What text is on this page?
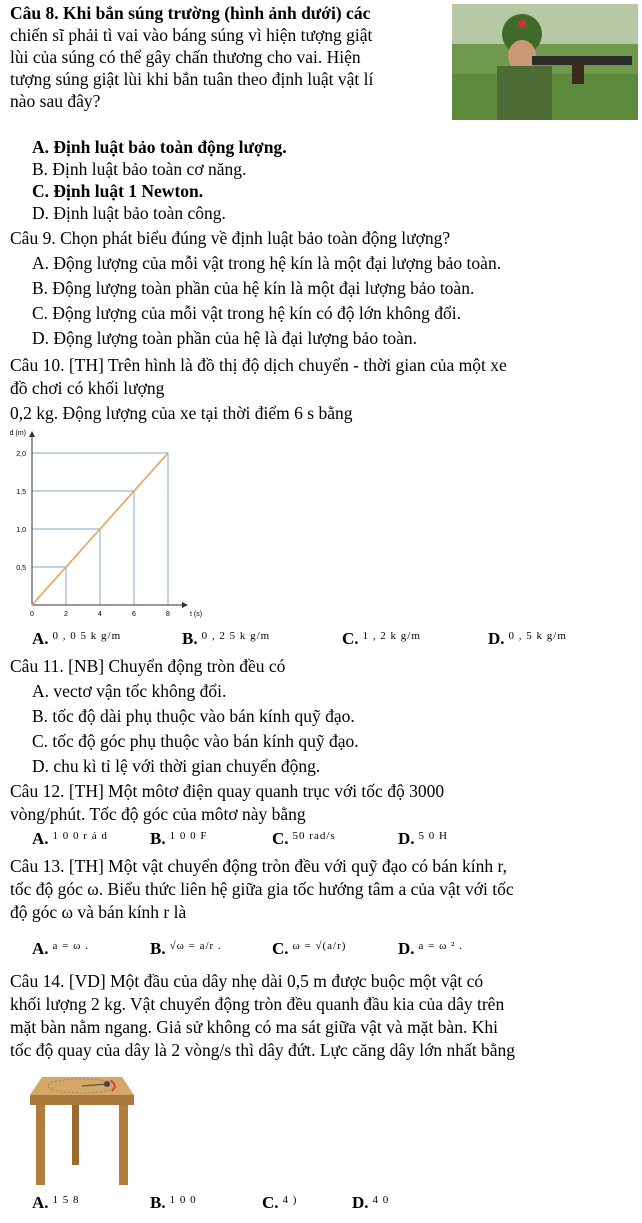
Câu 8. Khi bắn súng trường (hình ảnh dưới) các
chiến sĩ phải tì vai vào báng súng vì hiện tượng giật
lùi của súng có thể gây chấn thương cho vai. Hiện
tượng súng giật lùi khi bắn tuân theo định luật vật lí
nào sau đây?
A. Định luật bảo toàn động lượng.
B. Định luật bảo toàn cơ năng.
C. Định luật 1 Newton.
D. Định luật bảo toàn công.
Câu 9. Chọn phát biểu đúng về định luật bảo toàn động lượng?
A. Động lượng của mỗi vật trong hệ kín là một đại lượng bảo toàn.
B. Động lượng toàn phần của hệ kín là một đại lượng bảo toàn.
C. Động lượng của mỗi vật trong hệ kín có độ lớn không đổi.
D. Động lượng toàn phần của hệ là đại lượng bảo toàn.
Câu 10. [TH] Trên hình là đồ thị độ dịch chuyển - thời gian của một xe
đồ chơi có khối lượng
0,2 kg. Động lượng của xe tại thời điểm 6 s bằng
0,5
1,0
1,5
2,0
0	2	4	6	8
d (m)
t (s)
A. $^{0 , 0 5 k g/m}$	B. $^{0 , 2 5 k g/m}$	C. $^{1 , 2 k g/m}$	D. $^{0 , 5 k g/m}$
Câu 11. [NB] Chuyển động tròn đều có
A. vectơ vận tốc không đổi.
B. tốc độ dài phụ thuộc vào bán kính quỹ đạo.
C. tốc độ góc phụ thuộc vào bán kính quỹ đạo.
D. chu kì tỉ lệ với thời gian chuyển động.
Câu 12. [TH] Một môtơ điện quay quanh trục với tốc độ 3000
vòng/phút. Tốc độ góc của môtơ này bằng
A. $^{1 0 0 r á d}$ B. $^{1 0 0 F}$	C. $^{50 rad/s}$	D. $^{5 0 H}$
Câu 13. [TH] Một vật chuyển động tròn đều với quỹ đạo có bán kính r,
tốc độ góc ω. Biểu thức liên hệ giữa gia tốc hướng tâm a của vật với tốc
độ góc ω và bán kính r là
A. $^{a = \omega .}$	B. $^{√\omega = a/r .}$	C. $^{\omega = √(a/r)}$	D. $^{a = \omega ^2 .}$
Câu 14. [VD] Một đầu của dây nhẹ dài 0,5 m được buộc một vật có
khối lượng 2 kg. Vật chuyển động tròn đều quanh đầu kia của dây trên
mặt bàn nằm ngang. Giả sử không có ma sát giữa vật và mặt bàn. Khi
tốc độ quay của dây là 2 vòng/s thì dây đứt. Lực căng dây lớn nhất bằng
A. $^{1 5 8}$	B. $^{1 0 0}$	C. $^{4 )}$	D. $^{4 0}$
